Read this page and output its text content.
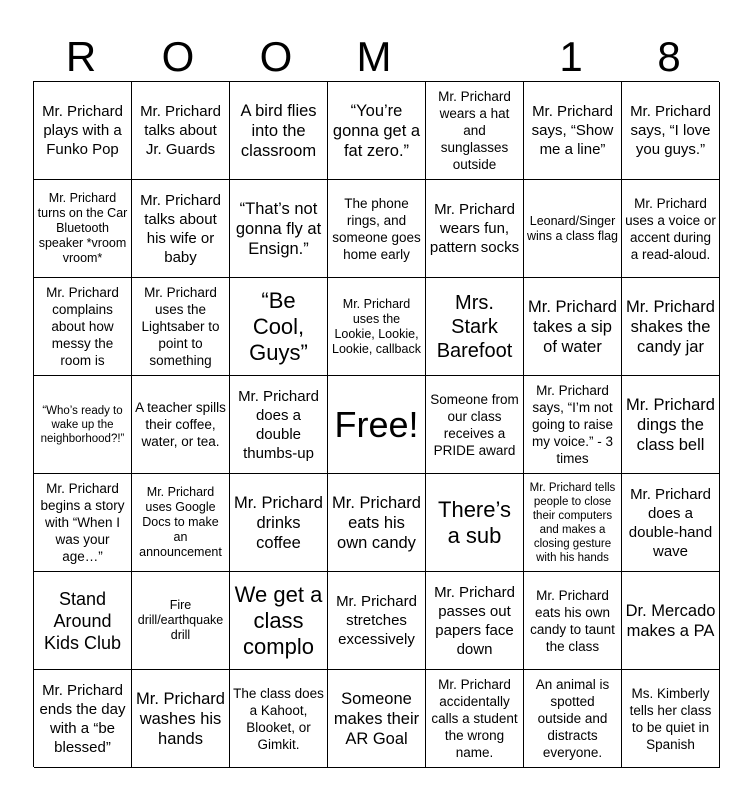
R O O M	1 8
Mr. Prichard plays with a Funko Pop
Mr. Prichard talks about Jr. Guards
A bird flies into the classroom
“You’re gonna get a fat zero.”
Mr. Prichard wears a hat and sunglasses outside
Mr. Prichard says, “Show me a line”
Mr. Prichard says, “I love you guys.”
Mr. Prichard turns on the Car Bluetooth speaker *vroom vroom*
Mr. Prichard talks about his wife or baby
“That’s not gonna fly at Ensign.”
The phone rings, and someone goes home early
Mr. Prichard wears fun, pattern socks
Leonard/Singer wins a class flag
Mr. Prichard uses a voice or accent during a read-aloud.
Mr. Prichard complains about how messy the room is
Mr. Prichard uses the Lightsaber to point to something
“Be Cool, Guys”
Mr. Prichard uses the Lookie, Lookie, Lookie, callback
Mrs. Stark Barefoot
Mr. Prichard takes a sip of water
Mr. Prichard shakes the candy jar
“Who’s ready to wake up the neighborhood?!”
A teacher spills their coffee, water, or tea.
Mr. Prichard does a double thumbs-up
Free!
Someone from our class receives a PRIDE award
Mr. Prichard says, “I’m not going to raise my voice.” - 3 times
Mr. Prichard dings the class bell
Mr. Prichard begins a story with “When I was your age…”
Mr. Prichard uses Google Docs to make an announcement
Mr. Prichard drinks coffee
Mr. Prichard eats his own candy
There’s a sub
Mr. Prichard tells people to close their computers and makes a closing gesture with his hands
Mr. Prichard does a double-hand wave
Stand Around Kids Club
Fire drill/earthquake drill
We get a class complo
Mr. Prichard stretches excessively
Mr. Prichard passes out papers face down
Mr. Prichard eats his own candy to taunt the class
Dr. Mercado makes a PA
Mr. Prichard ends the day with a “be blessed”
Mr. Prichard washes his hands
The class does a Kahoot, Blooket, or Gimkit.
Someone makes their AR Goal
Mr. Prichard accidentally calls a student the wrong name.
An animal is spotted outside and distracts everyone.
Ms. Kimberly tells her class to be quiet in Spanish
